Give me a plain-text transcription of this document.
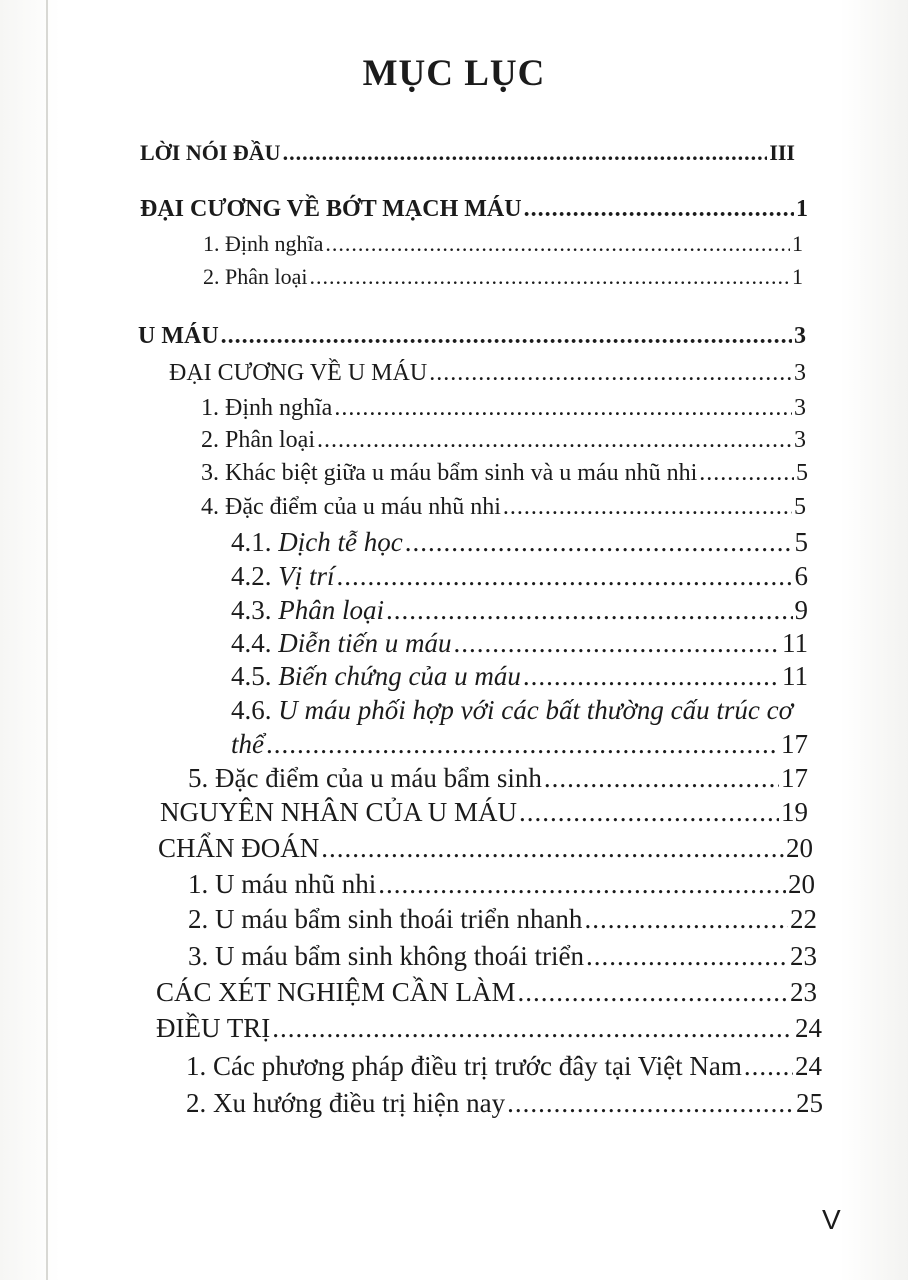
MỤC LỤC
LỜI NÓI ĐẦU .....	III
ĐẠI CƯƠNG VỀ BỚT MẠCH MÁU .....	1
1. Định nghĩa .....	1
2. Phân loại .....	1
U MÁU .....	3
ĐẠI CƯƠNG VỀ U MÁU .....	3
1. Định nghĩa .....	3
2. Phân loại .....	3
3. Khác biệt giữa u máu bẩm sinh và u máu nhũ nhi .....	5
4. Đặc điểm của u máu nhũ nhi .....	5
4.1. Dịch tễ học .....	5
4.2. Vị trí .....	6
4.3. Phân loại .....	9
4.4. Diễn tiến u máu .....	11
4.5. Biến chứng của u máu .....	11
4.6. U máu phối hợp với các bất thường cấu trúc cơ
thể .....	17
5. Đặc điểm của u máu bẩm sinh .....	17
NGUYÊN NHÂN CỦA U MÁU .....	19
CHẨN ĐOÁN .....	20
1. U máu nhũ nhi .....	20
2. U máu bẩm sinh thoái triển nhanh .....	22
3. U máu bẩm sinh không thoái triển .....	23
CÁC XÉT NGHIỆM CẦN LÀM .....	23
ĐIỀU TRỊ .....	24
1. Các phương pháp điều trị trước đây tại Việt Nam ..... 24
2. Xu hướng điều trị hiện nay .....	25
V
